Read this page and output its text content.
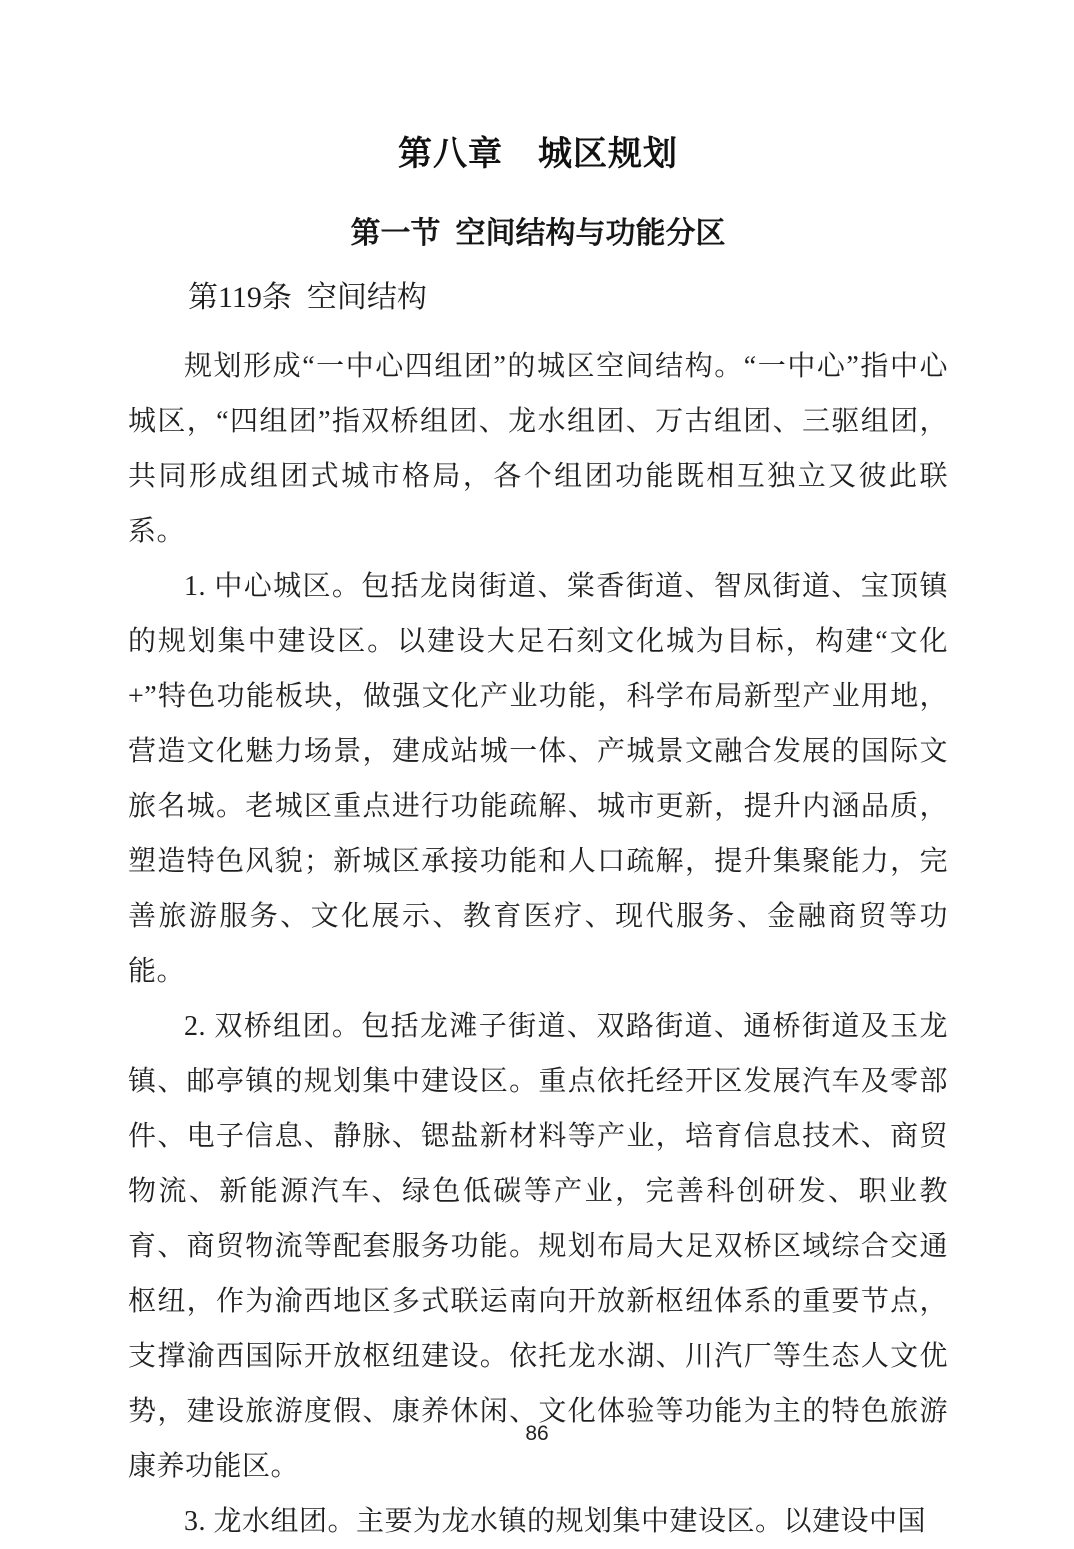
第八章　城区规划
第一节 空间结构与功能分区
第119条 空间结构

规划形成“一中心四组团”的城区空间结构。“一中心”指中心城区，“四组团”指双桥组团、龙水组团、万古组团、三驱组团，共同形成组团式城市格局，各个组团功能既相互独立又彼此联系。

1. 中心城区。包括龙岗街道、棠香街道、智凤街道、宝顶镇的规划集中建设区。以建设大足石刻文化城为目标，构建“文化+”特色功能板块，做强文化产业功能，科学布局新型产业用地，营造文化魅力场景，建成站城一体、产城景文融合发展的国际文旅名城。老城区重点进行功能疏解、城市更新，提升内涵品质，塑造特色风貌；新城区承接功能和人口疏解，提升集聚能力，完善旅游服务、文化展示、教育医疗、现代服务、金融商贸等功能。

2. 双桥组团。包括龙滩子街道、双路街道、通桥街道及玉龙镇、邮亭镇的规划集中建设区。重点依托经开区发展汽车及零部件、电子信息、静脉、锶盐新材料等产业，培育信息技术、商贸物流、新能源汽车、绿色低碳等产业，完善科创研发、职业教育、商贸物流等配套服务功能。规划布局大足双桥区域综合交通枢纽，作为渝西地区多式联运南向开放新枢纽体系的重要节点，支撑渝西国际开放枢纽建设。依托龙水湖、川汽厂等生态人文优势，建设旅游度假、康养休闲、文化体验等功能为主的特色旅游康养功能区。

3. 龙水组团。主要为龙水镇的规划集中建设区。以建设中国

86
